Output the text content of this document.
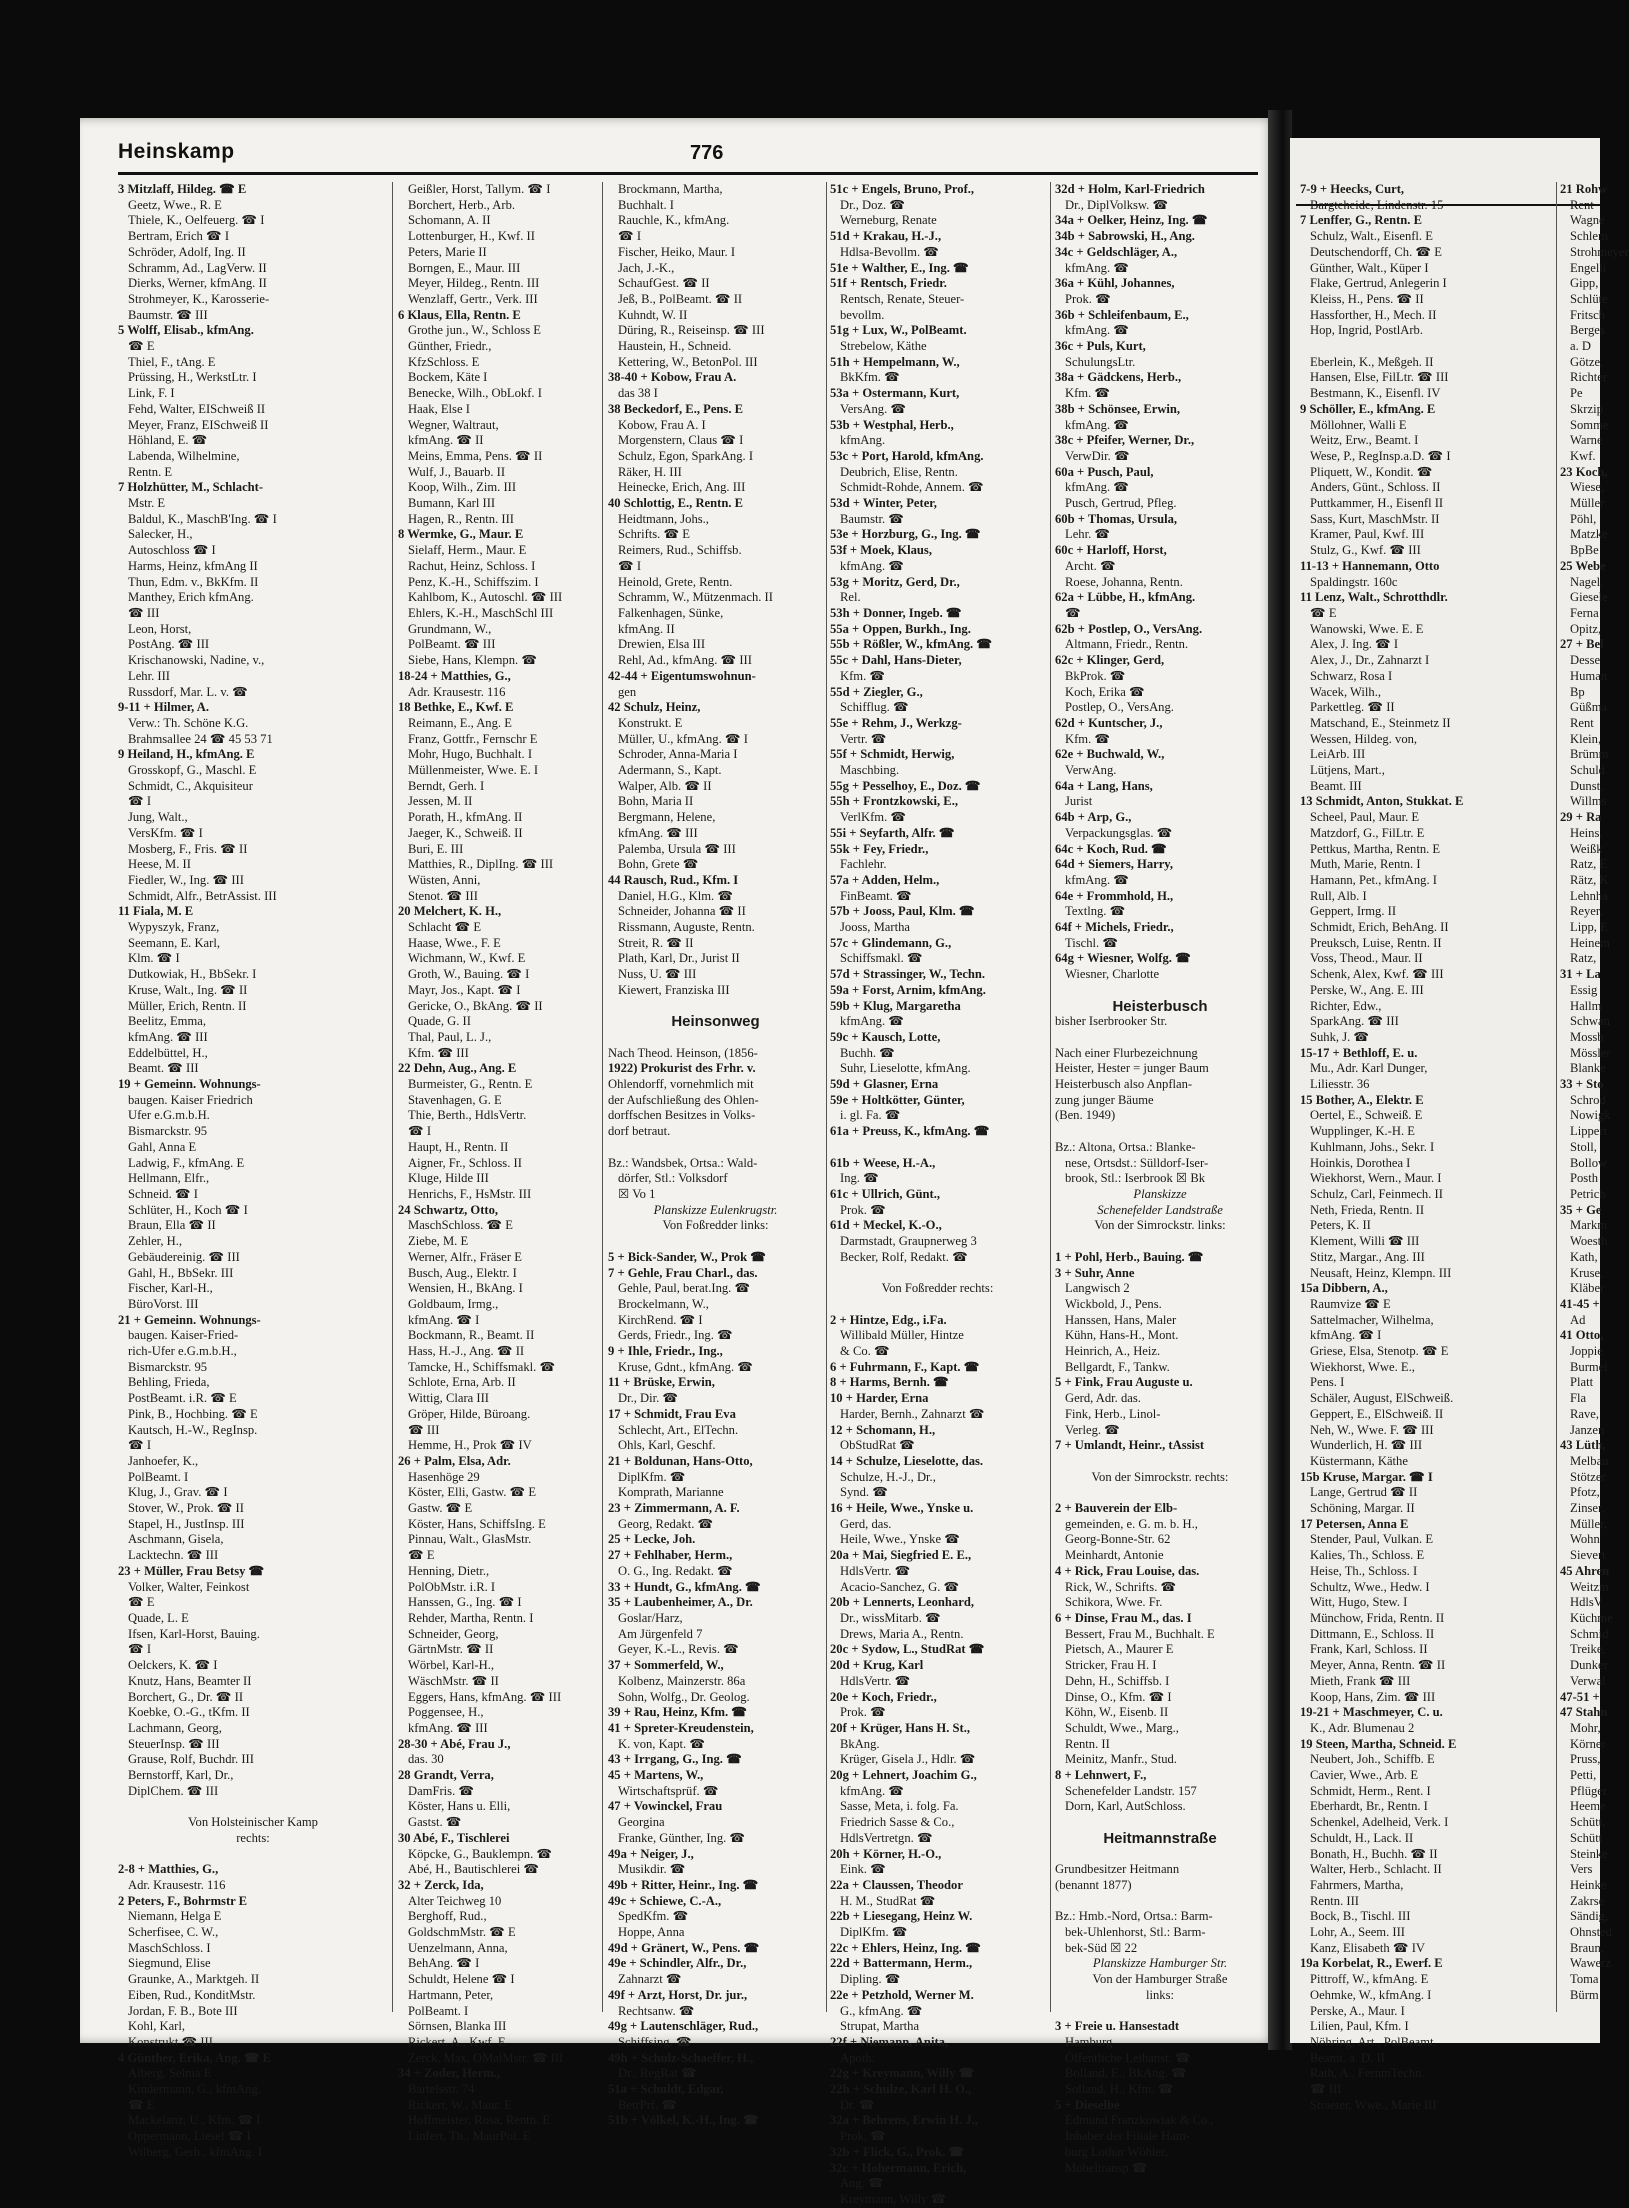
Heinskamp	776
3 Mitzlaff, Hildeg. ☎ E
Geetz, Wwe., R. E
Thiele, K., Oelfeuerg. ☎ I
Bertram, Erich ☎ I
Schröder, Adolf, Ing. II
Schramm, Ad., LagVerw. II
Dierks, Werner, kfmAng. II
Strohmeyer, K., Karosserie-
Baumstr. ☎ III
5 Wolff, Elisab., kfmAng.
☎ E
Thiel, F., tAng. E
Prüssing, H., WerkstLtr. I
Link, F. I
Fehd, Walter, EISchweiß II
Meyer, Franz, EISchweiß II
Höhland, E. ☎
Labenda, Wilhelmine,
Rentn. E
7 Holzhütter, M., Schlacht-
Mstr. E
Baldul, K., MaschB'Ing. ☎ I
Salecker, H.,
Autoschloss ☎ I
Harms, Heinz, kfmAng II
Thun, Edm. v., BkKfm. II
Manthey, Erich kfmAng.
☎ III
Leon, Horst,
PostAng. ☎ III
Krischanowski, Nadine, v.,
Lehr. III
Russdorf, Mar. L. v. ☎
9-11 + Hilmer, A.
Verw.: Th. Schöne K.G.
Brahmsallee 24 ☎ 45 53 71
9 Heiland, H., kfmAng. E
Grosskopf, G., Maschl. E
Schmidt, C., Akquisiteur
☎ I
Jung, Walt.,
VersKfm. ☎ I
Mosberg, F., Fris. ☎ II
Heese, M. II
Fiedler, W., Ing. ☎ III
Schmidt, Alfr., BetrAssist. III
11 Fiala, M. E
Wypyszyk, Franz,
Seemann, E. Karl,
Klm. ☎ I
Dutkowiak, H., BbSekr. I
Kruse, Walt., Ing. ☎ II
Müller, Erich, Rentn. II
Beelitz, Emma,
kfmAng. ☎ III
Eddelbüttel, H.,
Beamt. ☎ III
19 + Gemeinn. Wohnungs-
baugen. Kaiser Friedrich
Ufer e.G.m.b.H.
Bismarckstr. 95
Gahl, Anna E
Ladwig, F., kfmAng. E
Hellmann, Elfr.,
Schneid. ☎ I
Schlüter, H., Koch ☎ I
Braun, Ella ☎ II
Zehler, H.,
Gebäudereinig. ☎ III
Gahl, H., BbSekr. III
Fischer, Karl-H.,
BüroVorst. III
21 + Gemeinn. Wohnungs-
baugen. Kaiser-Fried-
rich-Ufer e.G.m.b.H.,
Bismarckstr. 95
Behling, Frieda,
PostBeamt. i.R. ☎ E
Pink, B., Hochbing. ☎ E
Kautsch, H.-W., RegInsp.
☎ I
Janhoefer, K.,
PolBeamt. I
Klug, J., Grav. ☎ I
Stover, W., Prok. ☎ II
Stapel, H., JustInsp. III
Aschmann, Gisela,
Lacktechn. ☎ III
23 + Müller, Frau Betsy ☎
Volker, Walter, Feinkost
☎ E
Quade, L. E
Ifsen, Karl-Horst, Bauing.
☎ I
Oelckers, K. ☎ I
Knutz, Hans, Beamter II
Borchert, G., Dr. ☎ II
Koebke, O.-G., tKfm. II
Lachmann, Georg,
SteuerInsp. ☎ III
Grause, Rolf, Buchdr. III
Bernstorff, Karl, Dr.,
DiplChem. ☎ III

Von Holsteinischer Kamp
rechts:

2-8 + Matthies, G.,
Adr. Krausestr. 116
2 Peters, F., Bohrmstr E
Niemann, Helga E
Scherfisee, C. W.,
MaschSchloss. I
Siegmund, Elise
Graunke, A., Marktgeh. II
Eiben, Rud., KonditMstr.
Jordan, F. B., Bote III
Kohl, Karl,
Konstrukt ☎ III
4 Günther, Erika, Ang. ☎ E
Alberg, Selma E
Kindermann, G., kfmAng.
☎ E
Mackelanz, U., Kfm. ☎ I
Oppermann, Liesel ☎ I
Wilberg, Gerh., kfmAng. I
Geißler, Horst, Tallym. ☎ I
Borchert, Herb., Arb.
Schomann, A. II
Lottenburger, H., Kwf. II
Peters, Marie II
Borngen, E., Maur. III
Meyer, Hildeg., Rentn. III
Wenzlaff, Gertr., Verk. III
6 Klaus, Ella, Rentn. E
Grothe jun., W., Schloss E
Günther, Friedr.,
KfzSchloss. E
Bockem, Käte I
Benecke, Wilh., ObLokf. I
Haak, Else I
Wegner, Waltraut,
kfmAng. ☎ II
Meins, Emma, Pens. ☎ II
Wulf, J., Bauarb. II
Koop, Wilh., Zim. III
Bumann, Karl III
Hagen, R., Rentn. III
8 Wermke, G., Maur. E
Sielaff, Herm., Maur. E
Rachut, Heinz, Schloss. I
Penz, K.-H., Schiffszim. I
Kahlbom, K., Autoschl. ☎ III
Ehlers, K.-H., MaschSchl III
Grundmann, W.,
PolBeamt. ☎ III
Siebe, Hans, Klempn. ☎
18-24 + Matthies, G.,
Adr. Krausestr. 116
18 Bethke, E., Kwf. E
Reimann, E., Ang. E
Franz, Gottfr., Fernschr E
Mohr, Hugo, Buchhalt. I
Müllenmeister, Wwe. E. I
Berndt, Gerh. I
Jessen, M. II
Porath, H., kfmAng. II
Jaeger, K., Schweiß. II
Buri, E. III
Matthies, R., DiplIng. ☎ III
Wüsten, Anni,
Stenot. ☎ III
20 Melchert, K. H.,
Schlacht ☎ E
Haase, Wwe., F. E
Wichmann, W., Kwf. E
Groth, W., Bauing. ☎ I
Mayr, Jos., Kapt. ☎ I
Gericke, O., BkAng. ☎ II
Quade, G. II
Thal, Paul, L. J.,
Kfm. ☎ III
22 Dehn, Aug., Ang. E
Burmeister, G., Rentn. E
Stavenhagen, G. E
Thie, Berth., HdlsVertr.
☎ I
Haupt, H., Rentn. II
Aigner, Fr., Schloss. II
Kluge, Hilde III
Henrichs, F., HsMstr. III
24 Schwartz, Otto,
MaschSchloss. ☎ E
Ziebe, M. E
Werner, Alfr., Fräser E
Busch, Aug., Elektr. I
Wensien, H., BkAng. I
Goldbaum, Irmg.,
kfmAng. ☎ I
Bockmann, R., Beamt. II
Hass, H.-J., Ang. ☎ II
Tamcke, H., Schiffsmakl. ☎
Schlote, Erna, Arb. II
Wittig, Clara III
Gröper, Hilde, Büroang.
☎ III
Hemme, H., Prok ☎ IV
26 + Palm, Elsa, Adr.
Hasenhöge 29
Köster, Elli, Gastw. ☎ E
Gastw. ☎ E
Köster, Hans, SchiffsIng. E
Pinnau, Walt., GlasMstr.
☎ E
Henning, Dietr.,
PolObMstr. i.R. I
Hanssen, G., Ing. ☎ I
Rehder, Martha, Rentn. I
Schneider, Georg,
GärtnMstr. ☎ II
Wörbel, Karl-H.,
WäschMstr. ☎ II
Eggers, Hans, kfmAng. ☎ III
Poggensee, H.,
kfmAng. ☎ III
28-30 + Abé, Frau J.,
das. 30
28 Grandt, Verra,
DamFris. ☎
Köster, Hans u. Elli,
Gastst. ☎
30 Abé, F., Tischlerei
Köpcke, G., Bauklempn. ☎
Abé, H., Bautischlerei ☎
32 + Zerck, Ida,
Alter Teichweg 10
Berghoff, Rud.,
GoldschmMstr. ☎ E
Uenzelmann, Anna,
BehAng. ☎ I
Schuldt, Helene ☎ I
Hartmann, Peter,
PolBeamt. I
Sörnsen, Blanka III
Rickert, A., Kwf. E
Zerck, Max, OMalMstr. ☎ III
34 + Zoder, Herm.,
Bartelsstr. 74
Rickert, W., Maur. E
Hoffmeister, Rosa, Rentn. E
Linfert, Th., MaurPol. E
Brockmann, Martha,
Buchhalt. I
Rauchle, K., kfmAng.
☎ I
Fischer, Heiko, Maur. I
Jach, J.-K.,
SchaufGest. ☎ II
Jeß, B., PolBeamt. ☎ II
Kuhndt, W. II
Düring, R., Reiseinsp. ☎ III
Haustein, H., Schneid.
Kettering, W., BetonPol. III
38-40 + Kobow, Frau A.
das 38 I
38 Beckedorf, E., Pens. E
Kobow, Frau A. I
Morgenstern, Claus ☎ I
Schulz, Egon, SparkAng. I
Räker, H. III
Heinecke, Erich, Ang. III
40 Schlottig, E., Rentn. E
Heidtmann, Johs.,
Schrifts. ☎ E
Reimers, Rud., Schiffsb.
☎ I
Heinold, Grete, Rentn.
Schramm, W., Mützenmach. II
Falkenhagen, Sünke,
kfmAng. II
Drewien, Elsa III
Rehl, Ad., kfmAng. ☎ III
42-44 + Eigentumswohnun-
gen
42 Schulz, Heinz,
Konstrukt. E
Müller, U., kfmAng. ☎ I
Schroder, Anna-Maria I
Adermann, S., Kapt.
Walper, Alb. ☎ II
Bohn, Maria II
Bergmann, Helene,
kfmAng. ☎ III
Palemba, Ursula ☎ III
Bohn, Grete ☎
44 Rausch, Rud., Kfm. I
Daniel, H.G., Klm. ☎
Schneider, Johanna ☎ II
Rissmann, Auguste, Rentn.
Streit, R. ☎ II
Plath, Karl, Dr., Jurist II
Nuss, U. ☎ III
Kiewert, Franziska III

Heinsonweg

Nach Theod. Heinson, (1856-
1922) Prokurist des Frhr. v.
Ohlendorff, vornehmlich mit
der Aufschließung des Ohlen-
dorffschen Besitzes in Volks-
dorf betraut.

Bz.: Wandsbek, Ortsa.: Wald-
dörfer, Stl.: Volksdorf
☒ Vo 1
Planskizze Eulenkrugstr.
Von Foßredder links:

5 + Bick-Sander, W., Prok ☎
7 + Gehle, Frau Charl., das.
Gehle, Paul, berat.Ing. ☎
Brockelmann, W.,
KirchRend. ☎ I
Gerds, Friedr., Ing. ☎
9 + Ihle, Friedr., Ing.,
Kruse, Gdnt., kfmAng. ☎
11 + Brüske, Erwin,
Dr., Dir. ☎
17 + Schmidt, Frau Eva
Schlecht, Art., ElTechn.
Ohls, Karl, Geschf.
21 + Boldunan, Hans-Otto,
DiplKfm. ☎
Komprath, Marianne
23 + Zimmermann, A. F.
Georg, Redakt. ☎
25 + Lecke, Joh.
27 + Fehlhaber, Herm.,
O. G., Ing. Redakt. ☎
33 + Hundt, G., kfmAng. ☎
35 + Laubenheimer, A., Dr.
Goslar/Harz,
Am Jürgenfeld 7
Geyer, K.-L., Revis. ☎
37 + Sommerfeld, W.,
Kolbenz, Mainzerstr. 86a
Sohn, Wolfg., Dr. Geolog.
39 + Rau, Heinz, Kfm. ☎
41 + Spreter-Kreudenstein,
K. von, Kapt. ☎
43 + Irrgang, G., Ing. ☎
45 + Martens, W.,
Wirtschaftsprüf. ☎
47 + Vowinckel, Frau
Georgina
Franke, Günther, Ing. ☎
49a + Neiger, J.,
Musikdir. ☎
49b + Ritter, Heinr., Ing. ☎
49c + Schiewe, C.-A.,
SpedKfm. ☎
Hoppe, Anna
49d + Gränert, W., Pens. ☎
49e + Schindler, Alfr., Dr.,
Zahnarzt ☎
49f + Arzt, Horst, Dr. jur.,
Rechtsanw. ☎
49g + Lautenschläger, Rud.,
Schiffsing. ☎
49h + Schulz-Schaeffer, H.,
Dr., RegRat ☎
51a + Schuldt, Edgar,
BetrPrf. ☎
51b + Völkel, K.-H., Ing. ☎
51c + Engels, Bruno, Prof.,
Dr., Doz. ☎
Werneburg, Renate
51d + Krakau, H.-J.,
Hdlsa-Bevollm. ☎
51e + Walther, E., Ing. ☎
51f + Rentsch, Friedr.
Rentsch, Renate, Steuer-
bevollm.
51g + Lux, W., PolBeamt.
Strebelow, Käthe
51h + Hempelmann, W.,
BkKfm. ☎
53a + Ostermann, Kurt,
VersAng. ☎
53b + Westphal, Herb.,
kfmAng.
53c + Port, Harold, kfmAng.
Deubrich, Elise, Rentn.
Schmidt-Rohde, Annem. ☎
53d + Winter, Peter,
Baumstr. ☎
53e + Horzburg, G., Ing. ☎
53f + Moek, Klaus,
kfmAng. ☎
53g + Moritz, Gerd, Dr.,
Rel.
53h + Donner, Ingeb. ☎
55a + Oppen, Burkh., Ing.
55b + Rößler, W., kfmAng. ☎
55c + Dahl, Hans-Dieter,
Kfm. ☎
55d + Ziegler, G.,
Schifflug. ☎
55e + Rehm, J., Werkzg-
Vertr. ☎
55f + Schmidt, Herwig,
Maschbing.
55g + Pesselhoy, E., Doz. ☎
55h + Frontzkowski, E.,
VerlKfm. ☎
55i + Seyfarth, Alfr. ☎
55k + Fey, Friedr.,
Fachlehr.
57a + Adden, Helm.,
FinBeamt. ☎
57b + Jooss, Paul, Klm. ☎
Jooss, Martha
57c + Glindemann, G.,
Schiffsmakl. ☎
57d + Strassinger, W., Techn.
59a + Forst, Arnim, kfmAng.
59b + Klug, Margaretha
kfmAng. ☎
59c + Kausch, Lotte,
Buchh. ☎
Suhr, Lieselotte, kfmAng.
59d + Glasner, Erna
59e + Holtkötter, Günter,
i. gl. Fa. ☎
61a + Preuss, K., kfmAng. ☎

61b + Weese, H.-A.,
Ing. ☎
61c + Ullrich, Günt.,
Prok. ☎
61d + Meckel, K.-O.,
Darmstadt, Graupnerweg 3
Becker, Rolf, Redakt. ☎

Von Foßredder rechts:

2 + Hintze, Edg., i.Fa.
Willibald Müller, Hintze
& Co. ☎
6 + Fuhrmann, F., Kapt. ☎
8 + Harms, Bernh. ☎
10 + Harder, Erna
Harder, Bernh., Zahnarzt ☎
12 + Schomann, H.,
ObStudRat ☎
14 + Schulze, Lieselotte, das.
Schulze, H.-J., Dr.,
Synd. ☎
16 + Heile, Wwe., Ynske u.
Gerd, das.
Heile, Wwe., Ynske ☎
20a + Mai, Siegfried E. E.,
HdlsVertr. ☎
Acacio-Sanchez, G. ☎
20b + Lennerts, Leonhard,
Dr., wissMitarb. ☎
Drews, Maria A., Rentn.
20c + Sydow, L., StudRat ☎
20d + Krug, Karl
HdlsVertr. ☎
20e + Koch, Friedr.,
Prok. ☎
20f + Krüger, Hans H. St.,
BkAng.
Krüger, Gisela J., Hdlr. ☎
20g + Lehnert, Joachim G.,
kfmAng. ☎
Sasse, Meta, i. folg. Fa.
Friedrich Sasse & Co.,
HdlsVertretgn. ☎
20h + Körner, H.-O.,
Eink. ☎
22a + Claussen, Theodor
H. M., StudRat ☎
22b + Liesegang, Heinz W.
DiplKfm. ☎
22c + Ehlers, Heinz, Ing. ☎
22d + Battermann, Herm.,
Dipling. ☎
22e + Petzhold, Werner M.
G., kfmAng. ☎
Strupat, Martha
22f + Niemann, Anita,
Apoth.
22g + Kreymann, Willy ☎
22h + Schulze, Karl H. O.,
Dr. ☎
32a + Behrens, Erwin H. J.,
Prok. ☎
32b + Flick, G., Prok. ☎
32c + Hohermann, Erich,
Ang. ☎
Kreymann, Willy ☎
32d + Holm, Karl-Friedrich
Dr., DiplVolksw. ☎
34a + Oelker, Heinz, Ing. ☎
34b + Sabrowski, H., Ang.
34c + Geldschläger, A.,
kfmAng. ☎
36a + Kühl, Johannes,
Prok. ☎
36b + Schleifenbaum, E.,
kfmAng. ☎
36c + Puls, Kurt,
SchulungsLtr.
38a + Gädckens, Herb.,
Kfm. ☎
38b + Schönsee, Erwin,
kfmAng. ☎
38c + Pfeifer, Werner, Dr.,
VerwDir. ☎
60a + Pusch, Paul,
kfmAng. ☎
Pusch, Gertrud, Pfleg.
60b + Thomas, Ursula,
Lehr. ☎
60c + Harloff, Horst,
Archt. ☎
Roese, Johanna, Rentn.
62a + Lübbe, H., kfmAng.
☎
62b + Postlep, O., VersAng.
Altmann, Friedr., Rentn.
62c + Klinger, Gerd,
BkProk. ☎
Koch, Erika ☎
Postlep, O., VersAng.
62d + Kuntscher, J.,
Kfm. ☎
62e + Buchwald, W.,
VerwAng.
64a + Lang, Hans,
Jurist
64b + Arp, G.,
Verpackungsglas. ☎
64c + Koch, Rud. ☎
64d + Siemers, Harry,
kfmAng. ☎
64e + Frommhold, H.,
Textlng. ☎
64f + Michels, Friedr.,
Tischl. ☎
64g + Wiesner, Wolfg. ☎
Wiesner, Charlotte

Heisterbusch
bisher Iserbrooker Str.

Nach einer Flurbezeichnung
Heister, Hester = junger Baum
Heisterbusch also Anpflan-
zung junger Bäume
(Ben. 1949)

Bz.: Altona, Ortsa.: Blanke-
nese, Ortsdst.: Sülldorf-Iser-
brook, Stl.: Iserbrook ☒ Bk
Planskizze
Schenefelder Landstraße
Von der Simrockstr. links:

1 + Pohl, Herb., Bauing. ☎
3 + Suhr, Anne
Langwisch 2
Wickbold, J., Pens.
Hanssen, Hans, Maler
Kühn, Hans-H., Mont.
Heinrich, A., Heiz.
Bellgardt, F., Tankw.
5 + Fink, Frau Auguste u.
Gerd, Adr. das.
Fink, Herb., Linol-
Verleg. ☎
7 + Umlandt, Heinr., tAssist

Von der Simrockstr. rechts:

2 + Bauverein der Elb-
gemeinden, e. G. m. b. H.,
Georg-Bonne-Str. 62
Meinhardt, Antonie
4 + Rick, Frau Louise, das.
Rick, W., Schrifts. ☎
Schikora, Wwe. Fr.
6 + Dinse, Frau M., das. I
Bessert, Frau M., Buchhalt. E
Pietsch, A., Maurer E
Stricker, Frau H. I
Dehn, H., Schiffsb. I
Dinse, O., Kfm. ☎ I
Köhn, W., Eisenb. II
Schuldt, Wwe., Marg.,
Rentn. II
Meinitz, Manfr., Stud.
8 + Lehnwert, F.,
Schenefelder Landstr. 157
Dorn, Karl, AutSchloss.

Heitmannstraße

Grundbesitzer Heitmann
(benannt 1877)

Bz.: Hmb.-Nord, Ortsa.: Barm-
bek-Uhlenhorst, Stl.: Barm-
bek-Süd ☒ 22
Planskizze Hamburger Str.
Von der Hamburger Straße
links:

3 + Freie u. Hansestadt
Hamburg
Öffentliche Leihanst. ☎
Bolland, E., BkAng. ☎
Solland, H., Kfm. ☎
5 + Dieselbe
Edmund Franzkowiak & Co.,
Inhaber der Filiale Ham-
burg Lothar Wöhler,
Möbeltransp ☎
7-9 + Heecks, Curt,
Bargteheide, Lindenstr. 15
7 Lenffer, G., Rentn. E
Schulz, Walt., Eisenfl. E
Deutschendorff, Ch. ☎ E
Günther, Walt., Küper I
Flake, Gertrud, Anlegerin I
Kleiss, H., Pens. ☎ II
Hassforther, H., Mech. II
Hop, Ingrid, PostlArb.

Eberlein, K., Meßgeh. II
Hansen, Else, FilLtr. ☎ III
Bestmann, K., Eisenfl. IV
9 Schöller, E., kfmAng. E
Möllohner, Walli E
Weitz, Erw., Beamt. I
Wese, P., RegInsp.a.D. ☎ I
Pliquett, W., Kondit. ☎
Anders, Günt., Schloss. II
Puttkammer, H., Eisenfl II
Sass, Kurt, MaschMstr. II
Kramer, Paul, Kwf. III
Stulz, G., Kwf. ☎ III
11-13 + Hannemann, Otto
Spaldingstr. 160c
11 Lenz, Walt., Schrotthdlr.
☎ E
Wanowski, Wwe. E. E
Alex, J. Ing. ☎ I
Alex, J., Dr., Zahnarzt I
Schwarz, Rosa I
Wacek, Wilh.,
Parkettleg. ☎ II
Matschand, E., Steinmetz II
Wessen, Hildeg. von,
LeiArb. III
Lütjens, Mart.,
Beamt. III
13 Schmidt, Anton, Stukkat. E
Scheel, Paul, Maur. E
Matzdorf, G., FilLtr. E
Pettkus, Martha, Rentn. E
Muth, Marie, Rentn. I
Hamann, Pet., kfmAng. I
Rull, Alb. I
Geppert, Irmg. II
Schmidt, Erich, BehAng. II
Preuksch, Luise, Rentn. II
Voss, Theod., Maur. II
Schenk, Alex, Kwf. ☎ III
Perske, W., Ang. E. III
Richter, Edw.,
SparkAng. ☎ III
Suhk, J. ☎
15-17 + Bethloff, E. u.
Mu., Adr. Karl Dunger,
Liliesstr. 36
15 Bother, A., Elektr. E
Oertel, E., Schweiß. E
Wupplinger, K.-H. E
Kuhlmann, Johs., Sekr. I
Hoinkis, Dorothea I
Wiekhorst, Wern., Maur. I
Schulz, Carl, Feinmech. II
Neth, Frieda, Rentn. II
Peters, K. II
Klement, Willi ☎ III
Stitz, Margar., Ang. III
Neusaft, Heinz, Klempn. III
15a Dibbern, A.,
Raumvize ☎ E
Sattelmacher, Wilhelma,
kfmAng. ☎ I
Griese, Elsa, Stenotp. ☎ E
Wiekhorst, Wwe. E.,
Pens. I
Schäler, August, ElSchweiß.
Geppert, E., ElSchweiß. II
Neh, W., Wwe. F. ☎ III
Wunderlich, H. ☎ III
Küstermann, Käthe
15b Kruse, Margar. ☎ I
Lange, Gertrud ☎ II
Schöning, Margar. II
17 Petersen, Anna E
Stender, Paul, Vulkan. E
Kalies, Th., Schloss. E
Heise, Th., Schloss. I
Schultz, Wwe., Hedw. I
Witt, Hugo, Stew. I
Münchow, Frida, Rentn. II
Dittmann, E., Schloss. II
Frank, Karl, Schloss. II
Meyer, Anna, Rentn. ☎ II
Mieth, Frank ☎ III
Koop, Hans, Zim. ☎ III
19-21 + Maschmeyer, C. u.
K., Adr. Blumenau 2
19 Steen, Martha, Schneid. E
Neubert, Joh., Schiffb. E
Cavier, Wwe., Arb. E
Schmidt, Herm., Rent. I
Eberhardt, Br., Rentn. I
Schenkel, Adelheid, Verk. I
Schuldt, H., Lack. II
Bonath, H., Buchh. ☎ II
Walter, Herb., Schlacht. II
Fahrmers, Martha,
Rentn. III
Bock, B., Tischl. III
Lohr, A., Seem. III
Kanz, Elisabeth ☎ IV
19a Korbelat, R., Ewerf. E
Pittroff, W., kfmAng. E
Oehmke, W., kfmAng. I
Perske, A., Maur. I
Lilien, Paul, Kfm. I
Nöhring, Art., PolBeamt.
Beamt. a. D. II
Rath, A., FernmTechn.
☎ III
Straeter, Wwe., Marie III
21 Rohw
Rent
Wagne
Schlem
Strohmeyer
Engelli
Gipp,
Schlüte
Fritsch
Berges
a. D
Götze,
Richter
Pe
Skrzip
Somme
Warne
Kwf.
23 Koch,
Wiese,
Müller
Pöhl,
Matzke
BpBe
25 Webe
Nagel,
Giesele
Ferna
Opitz,
27 + Bel
Desse
Human
Bp
Güßma
Rent
Klein,
Brümm
Schuld
Dunst,
Willms
29 + Ra
Heins,
Weißk
Ratz, E
Rätz, K
Lehnha
Reyer,
Lipp, E
Heinem
Ratz,
31 + La
Essig
Hallm
Schwan
Mossb
Mössler
Blanke
33 + Sto
Schrod
Nowigk
Lippert
Stoll,
Bollow
Posth
Petrich
35 + Ge
Markm
Woesth
Kath,
Kruse,
Kläber
41-45 +
Ad
41 Otto,
Joppie
Burmei
Platt
Fla
Rave,
Janzen
43 Lüth,
Melbau
Stötzer
Pfotz,
Zinser,
Müller,
Wohn
Sievert
45 Ahren
Weitzm
HdlsV
Küchme
Schmid
Treike,
Dunker
Verwal
47-51 +
47 Stahn
Mohr,
Körner
Pruss,
Petti,
Pflüger
Heeme
Schütt,
Schütt
Steinke
Vers
Heinke
Zakrse
Sändig,
Ohnsted
Braun,
Wawerz
Toma
Bürm
